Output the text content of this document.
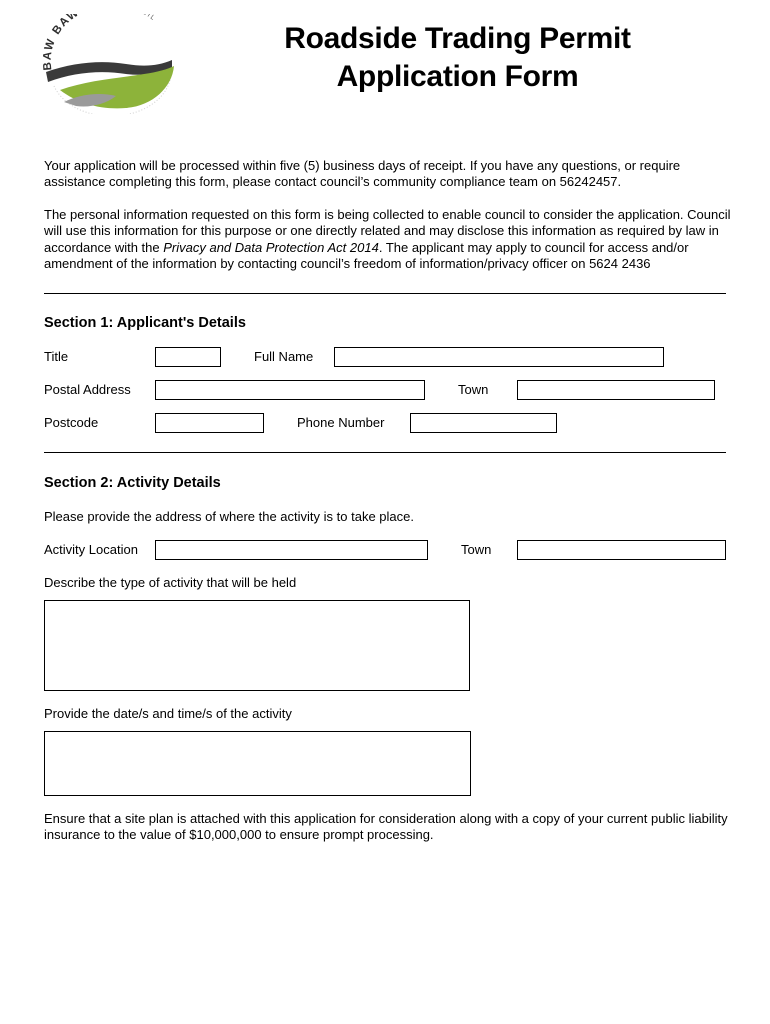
BAW BAW	IL
Roadside Trading Permit
Application Form
Your application will be processed within five (5) business days of receipt. If you have any questions, or require assistance completing this form, please contact council’s community compliance team on 56242457.
The personal information requested on this form is being collected to enable council to consider the application. Council will use this information for this purpose or one directly related and may disclose this information as required by law in accordance with the Privacy and Data Protection Act 2014. The applicant may apply to council for access and/or amendment of the information by contacting council’s freedom of information/privacy officer on 5624 2436
Section 1: Applicant's Details
Title	Full Name
Postal Address	Town
Postcode	Phone Number
Section 2: Activity Details
Please provide the address of where the activity is to take place.
Activity Location	Town
Describe the type of activity that will be held
Provide the date/s and time/s of the activity
Ensure that a site plan is attached with this application for consideration along with a copy of your current public liability insurance to the value of $10,000,000 to ensure prompt processing.
